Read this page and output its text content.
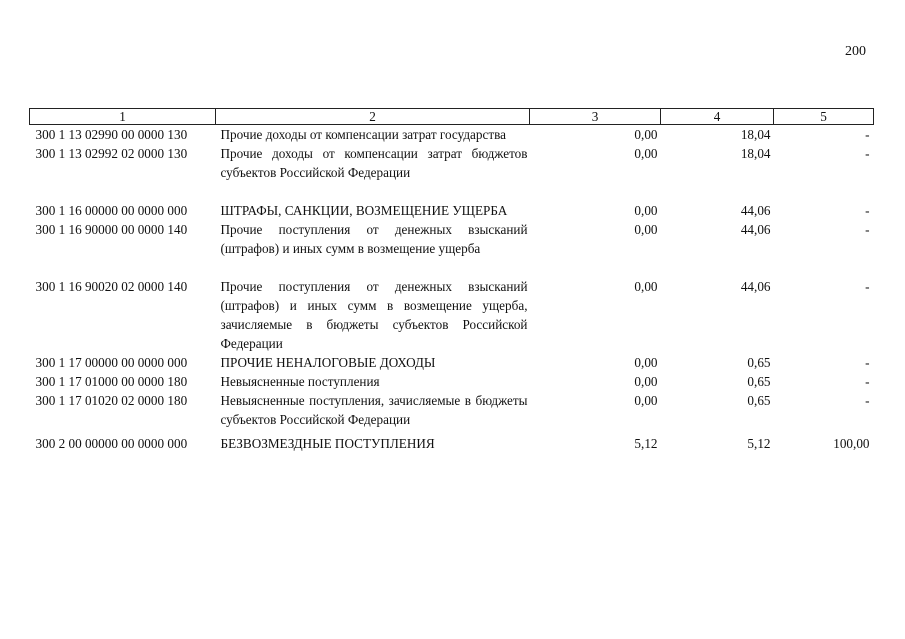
200
1	2	3	4	5
300 1 13 02990 00 0000 130	Прочие доходы от компенсации затрат государства	0,00	18,04	-
300 1 13 02992 02 0000 130	Прочие доходы от компенсации затрат бюджетов субъектов Российской Федерации	0,00	18,04	-
300 1 16 00000 00 0000 000	ШТРАФЫ, САНКЦИИ, ВОЗМЕЩЕНИЕ УЩЕРБА	0,00	44,06	-
300 1 16 90000 00 0000 140	Прочие поступления от денежных взысканий (штрафов) и иных сумм в возмещение ущерба	0,00	44,06	-
300 1 16 90020 02 0000 140	Прочие поступления от денежных взысканий (штрафов) и иных сумм в возмещение ущерба, зачисляемые в бюджеты субъектов Российской Федерации	0,00	44,06	-
300 1 17 00000 00 0000 000	ПРОЧИЕ НЕНАЛОГОВЫЕ ДОХОДЫ	0,00	0,65	-
300 1 17 01000 00 0000 180	Невыясненные поступления	0,00	0,65	-
300 1 17 01020 02 0000 180	Невыясненные поступления, зачисляемые в бюджеты субъектов Российской Федерации	0,00	0,65	-
300 2 00 00000 00 0000 000	БЕЗВОЗМЕЗДНЫЕ ПОСТУПЛЕНИЯ	5,12	5,12	100,00
